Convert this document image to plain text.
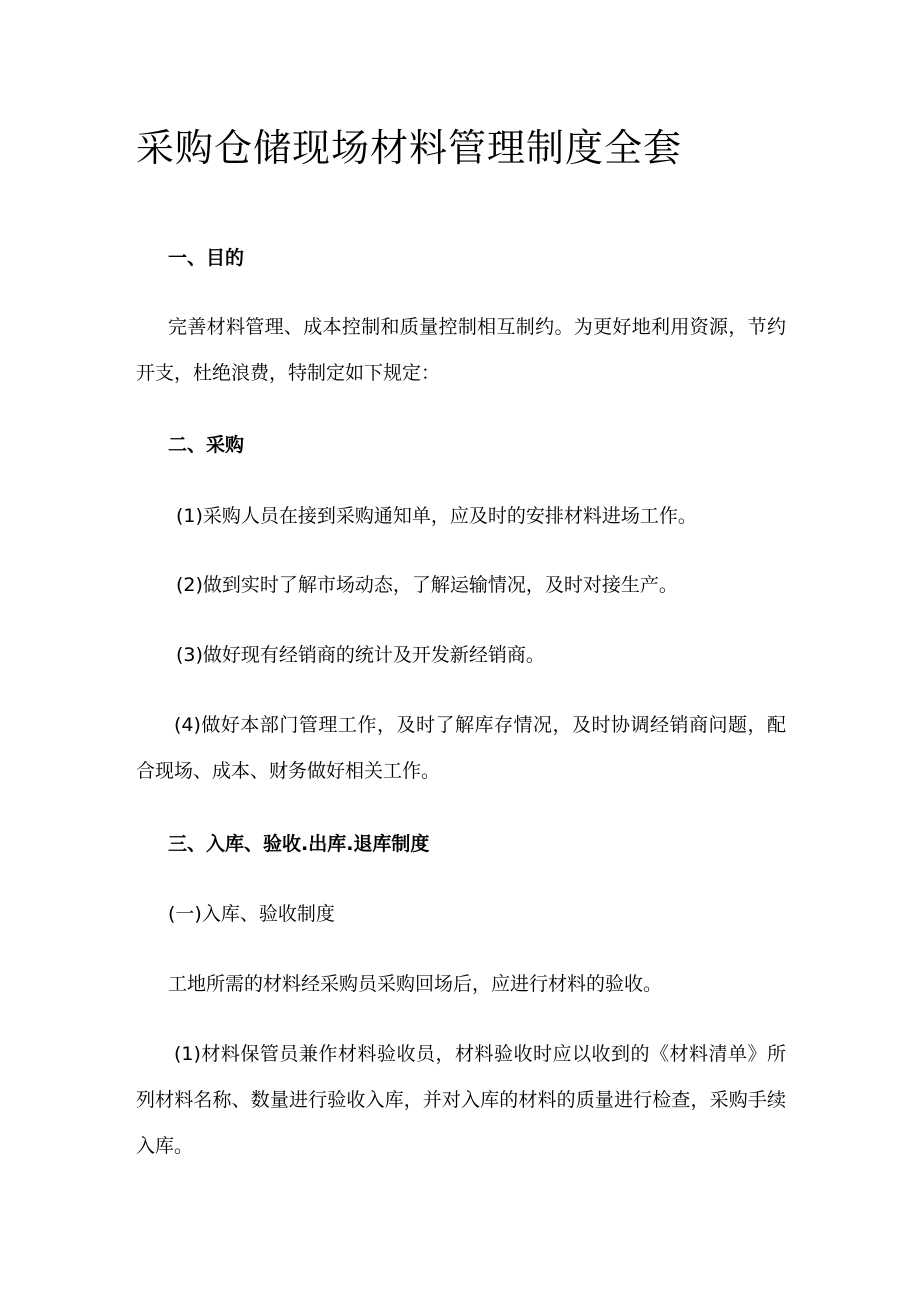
采购仓储现场材料管理制度全套
一、目的

完善材料管理、成本控制和质量控制相互制约。为更好地利用资源，节约开支，杜绝浪费，特制定如下规定：

二、采购

(1)采购人员在接到采购通知单，应及时的安排材料进场工作。

(2)做到实时了解市场动态，了解运输情况，及时对接生产。

(3)做好现有经销商的统计及开发新经销商。

(4)做好本部门管理工作，及时了解库存情况，及时协调经销商问题，配合现场、成本、财务做好相关工作。

三、入库、验收.出库.退库制度

(一)入库、验收制度

工地所需的材料经采购员采购回场后，应进行材料的验收。

(1)材料保管员兼作材料验收员，材料验收时应以收到的《材料清单》所列材料名称、数量进行验收入库，并对入库的材料的质量进行检查，采购手续入库。
